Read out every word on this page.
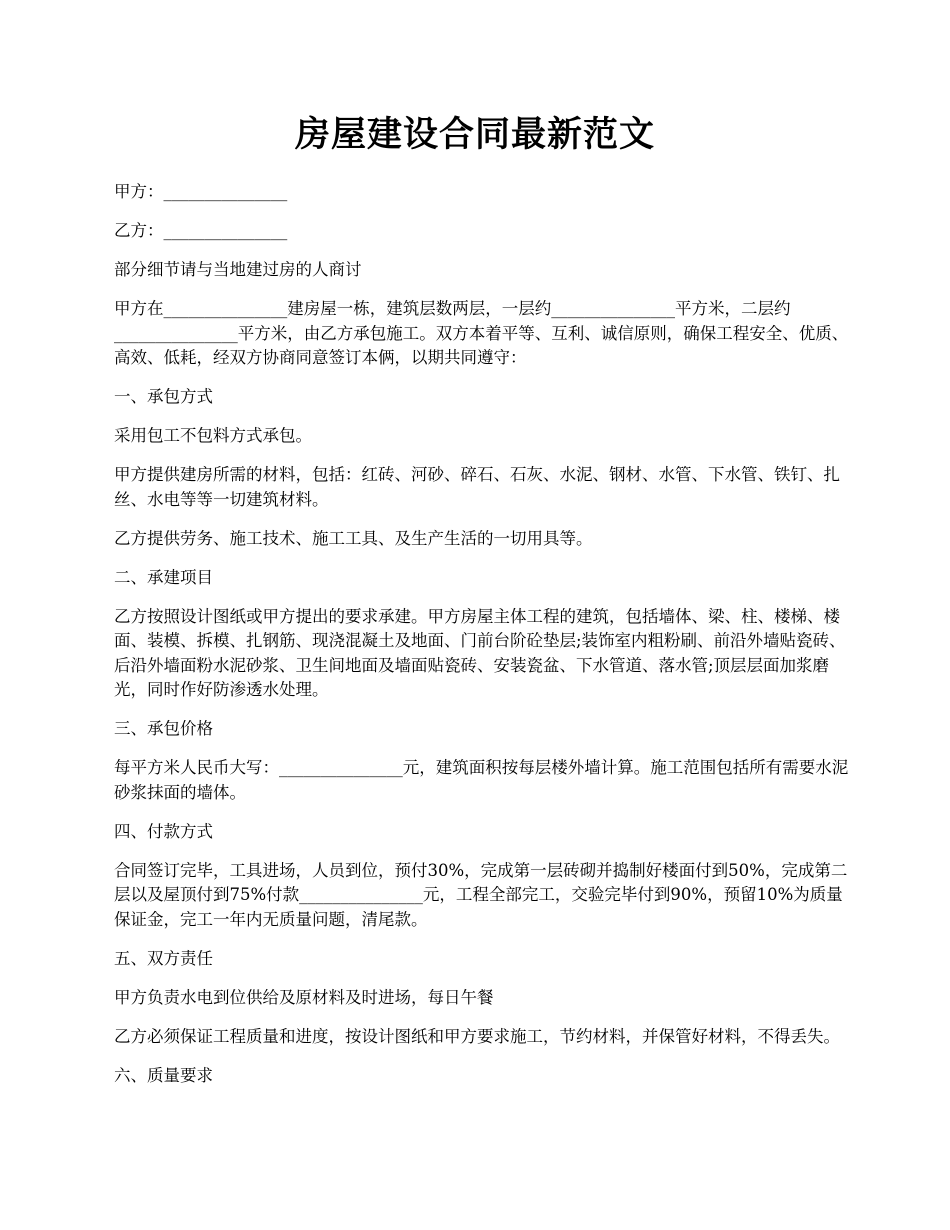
房屋建设合同最新范文

甲方：_______________

乙方：_______________

部分细节请与当地建过房的人商讨

甲方在_______________建房屋一栋，建筑层数两层，一层约_______________平方米，二层约_______________平方米，由乙方承包施工。双方本着平等、互利、诚信原则，确保工程安全、优质、高效、低耗，经双方协商同意签订本俩，以期共同遵守：

一、承包方式

采用包工不包料方式承包。

甲方提供建房所需的材料，包括：红砖、河砂、碎石、石灰、水泥、钢材、水管、下水管、铁钉、扎丝、水电等等一切建筑材料。

乙方提供劳务、施工技术、施工工具、及生产生活的一切用具等。

二、承建项目

乙方按照设计图纸或甲方提出的要求承建。甲方房屋主体工程的建筑，包括墙体、梁、柱、楼梯、楼面、装模、拆模、扎钢筋、现浇混凝土及地面、门前台阶砼垫层;装饰室内粗粉刷、前沿外墙贴瓷砖、后沿外墙面粉水泥砂浆、卫生间地面及墙面贴瓷砖、安装瓷盆、下水管道、落水管;顶层层面加浆磨光，同时作好防渗透水处理。

三、承包价格

每平方米人民币大写：_______________元，建筑面积按每层楼外墙计算。施工范围包括所有需要水泥砂浆抹面的墙体。

四、付款方式

合同签订完毕，工具进场，人员到位，预付30%，完成第一层砖砌并捣制好楼面付到50%，完成第二层以及屋顶付到75%付款_______________元，工程全部完工，交验完毕付到90%，预留10%为质量保证金，完工一年内无质量问题，清尾款。

五、双方责任

甲方负责水电到位供给及原材料及时进场，每日午餐

乙方必须保证工程质量和进度，按设计图纸和甲方要求施工，节约材料，并保管好材料，不得丢失。

六、质量要求
